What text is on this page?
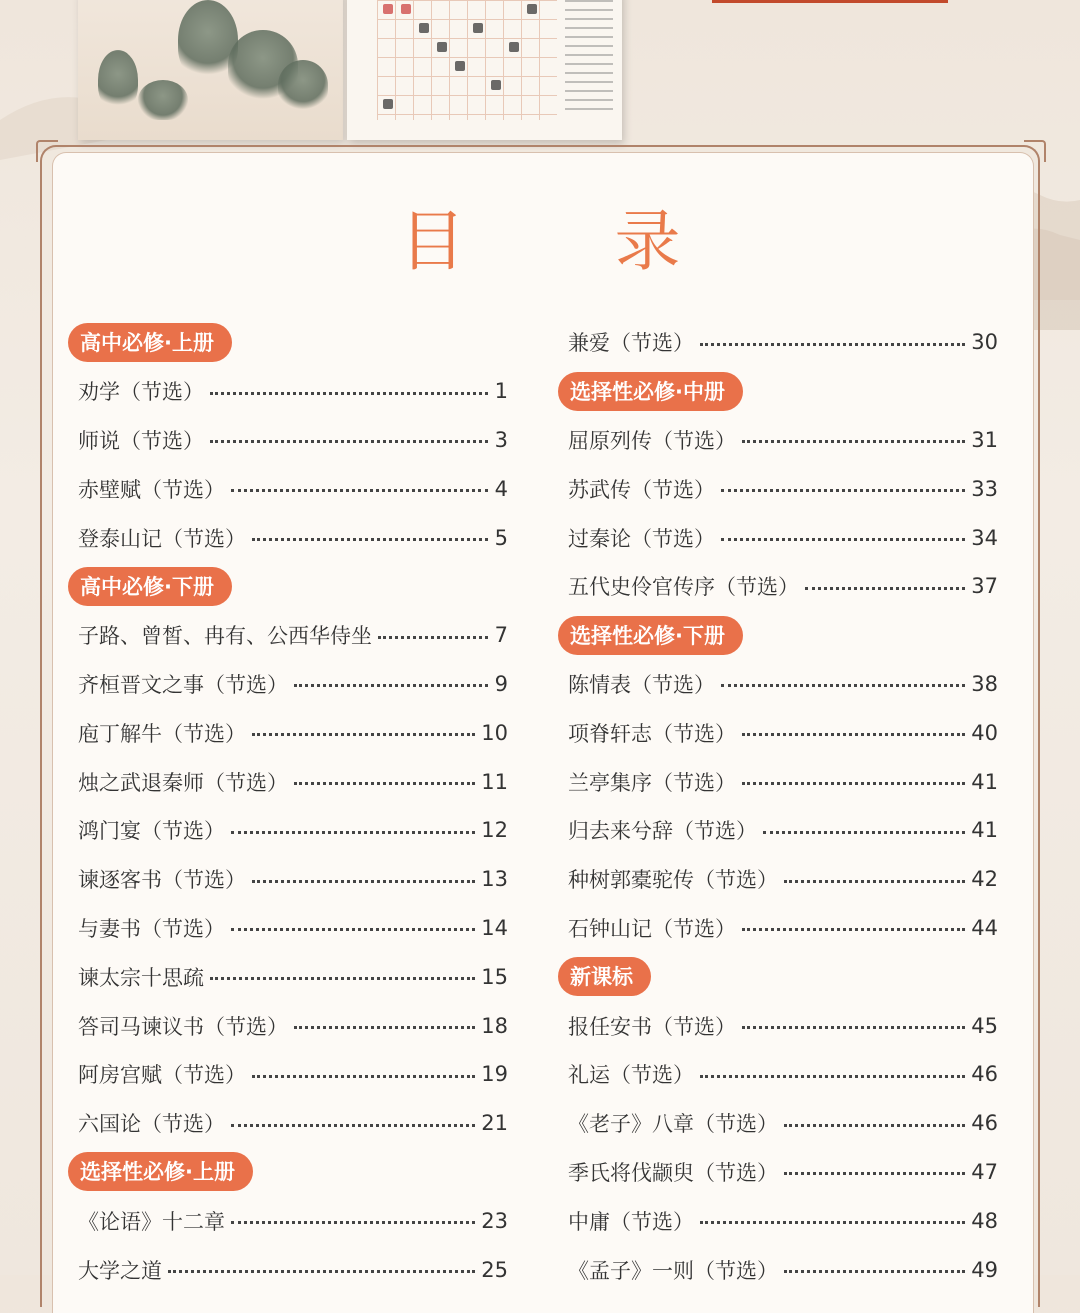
目 录
高中必修·上册
劝学（节选）	1
师说（节选）	3
赤壁赋（节选）	4
登泰山记（节选）	5
高中必修·下册
子路、曾皙、冉有、公西华侍坐	7
齐桓晋文之事（节选）	9
庖丁解牛（节选）	10
烛之武退秦师（节选）	11
鸿门宴（节选）	12
谏逐客书（节选）	13
与妻书（节选）	14
谏太宗十思疏	15
答司马谏议书（节选）	18
阿房宫赋（节选）	19
六国论（节选）	21
选择性必修·上册
《论语》十二章	23
大学之道	25
兼爱（节选）	30
选择性必修·中册
屈原列传（节选）	31
苏武传（节选）	33
过秦论（节选）	34
五代史伶官传序（节选）	37
选择性必修·下册
陈情表（节选）	38
项脊轩志（节选）	40
兰亭集序（节选）	41
归去来兮辞（节选）	41
种树郭橐驼传（节选）	42
石钟山记（节选）	44
新课标
报任安书（节选）	45
礼运（节选）	46
《老子》八章（节选）	46
季氏将伐颛臾（节选）	47
中庸（节选）	48
《孟子》一则（节选）	49
